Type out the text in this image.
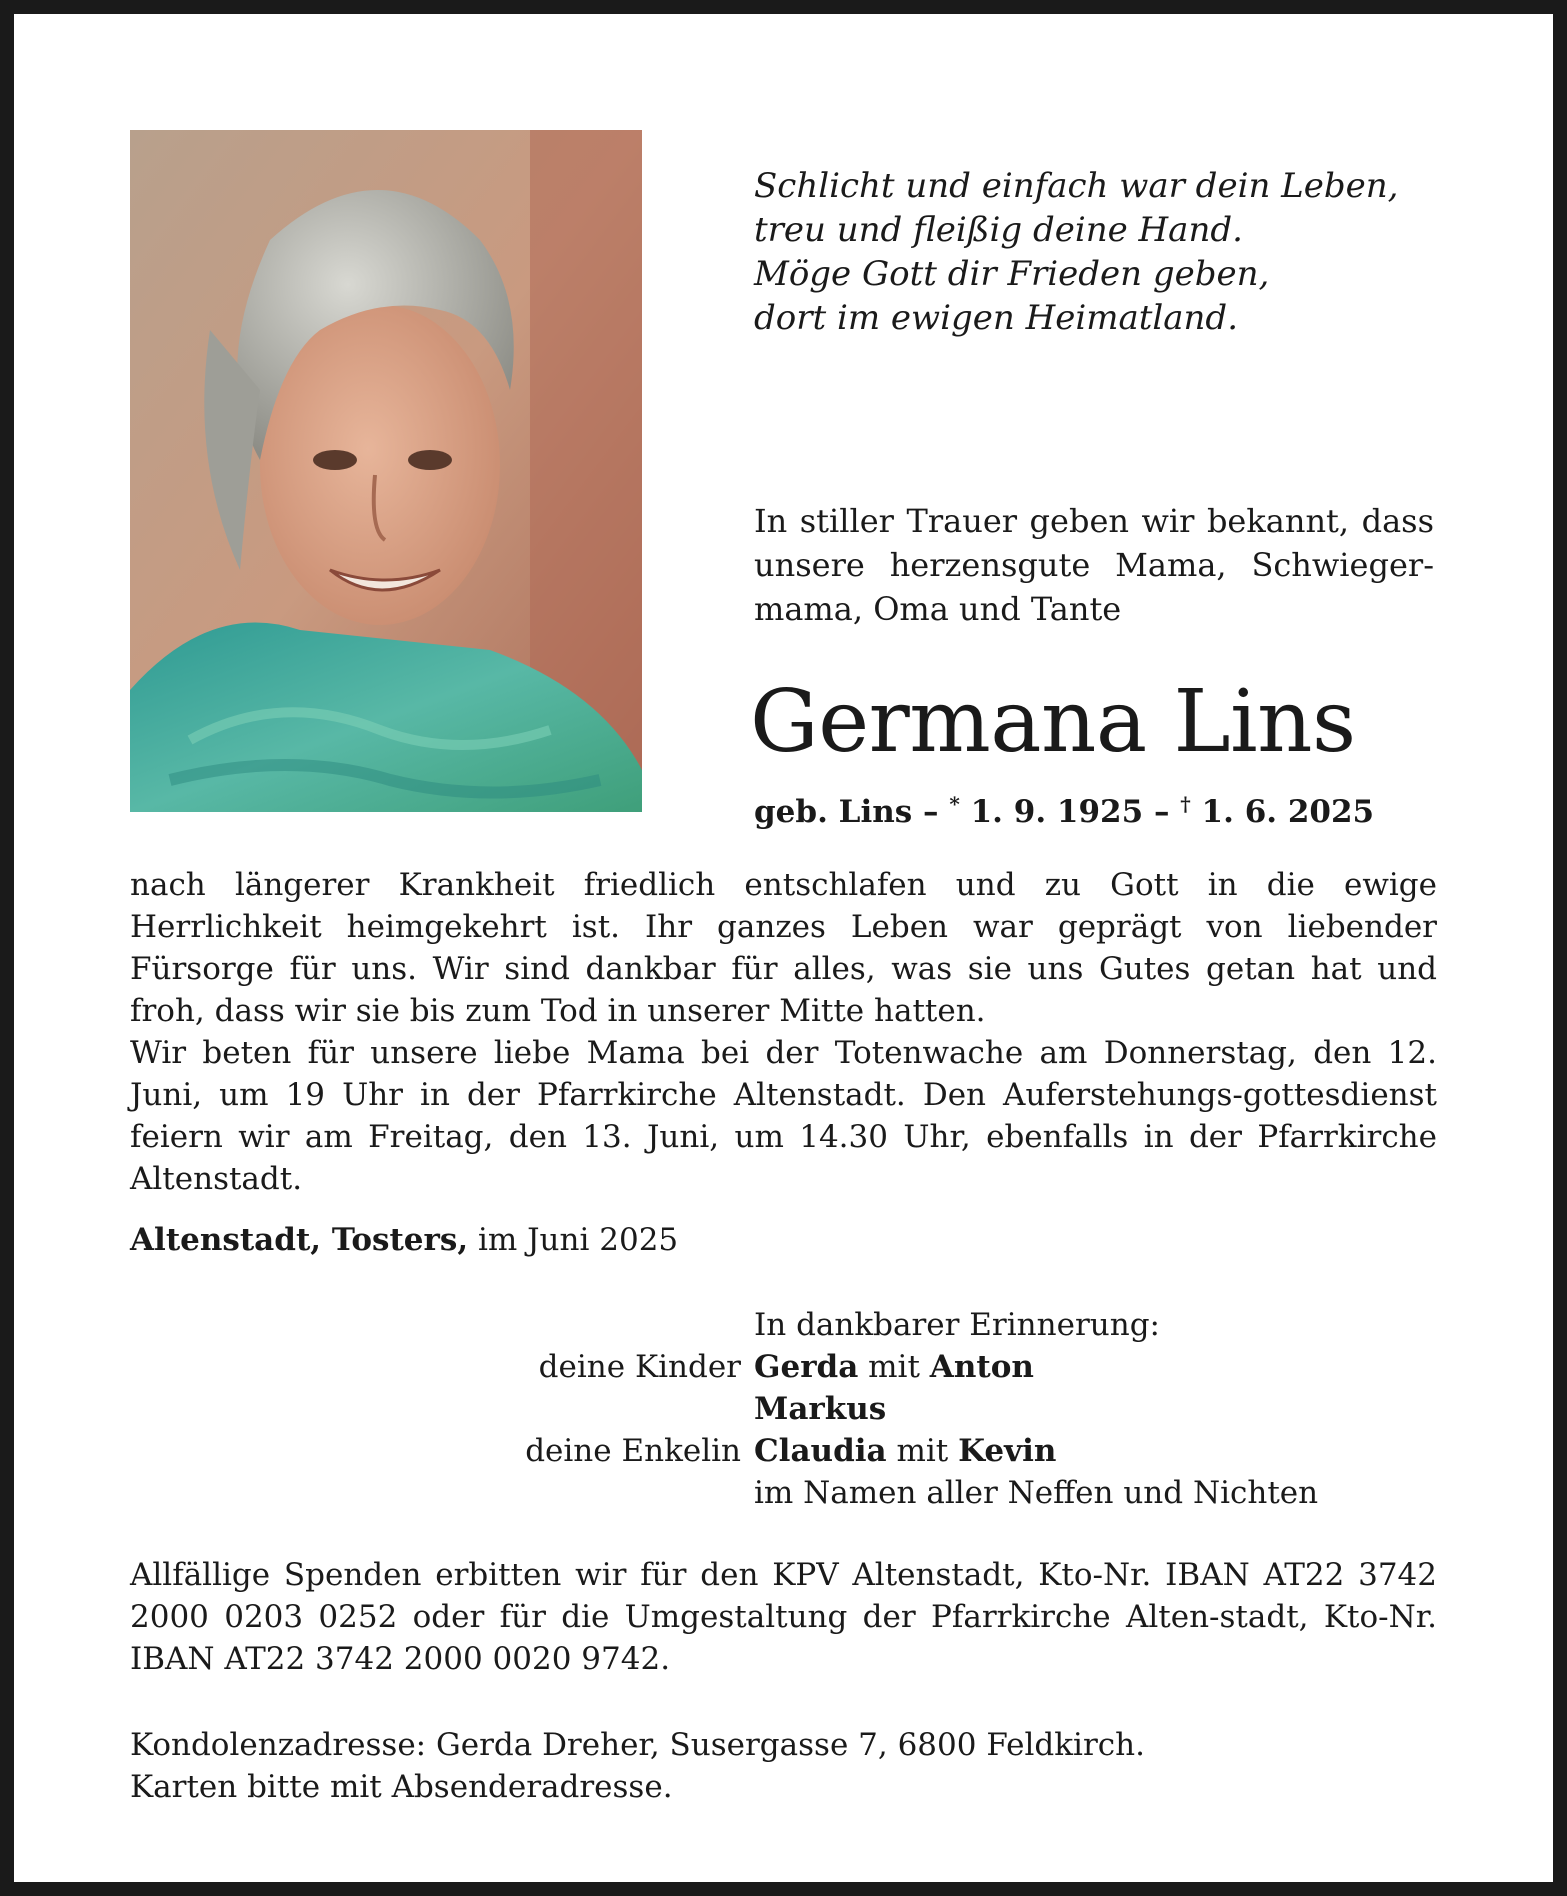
Schlicht und einfach war dein Leben,
treu und fleißig deine Hand.
Möge Gott dir Frieden geben,
dort im ewigen Heimatland.
In stiller Trauer geben wir bekannt, dass unsere herzensgute Mama, Schwieger-mama, Oma und Tante
Germana Lins
geb. Lins – * 1. 9. 1925 – † 1. 6. 2025

nach längerer Krankheit friedlich entschlafen und zu Gott in die ewige Herrlichkeit heimgekehrt ist. Ihr ganzes Leben war geprägt von liebender Fürsorge für uns. Wir sind dankbar für alles, was sie uns Gutes getan hat und froh, dass wir sie bis zum Tod in unserer Mitte hatten.

Wir beten für unsere liebe Mama bei der Totenwache am Donnerstag, den 12. Juni, um 19 Uhr in der Pfarrkirche Altenstadt. Den Auferstehungs-gottesdienst feiern wir am Freitag, den 13. Juni, um 14.30 Uhr, ebenfalls in der Pfarrkirche Altenstadt.

Altenstadt, Tosters, im Juni 2025
In dankbarer Erinnerung:
deine Kinder Gerda mit Anton
Markus
deine Enkelin Claudia mit Kevin
im Namen aller Neffen und Nichten
Allfällige Spenden erbitten wir für den KPV Altenstadt, Kto-Nr. IBAN AT22 3742 2000 0203 0252 oder für die Umgestaltung der Pfarrkirche Alten-stadt, Kto-Nr. IBAN AT22 3742 2000 0020 9742.
Kondolenzadresse: Gerda Dreher, Susergasse 7, 6800 Feldkirch.
Karten bitte mit Absenderadresse.
